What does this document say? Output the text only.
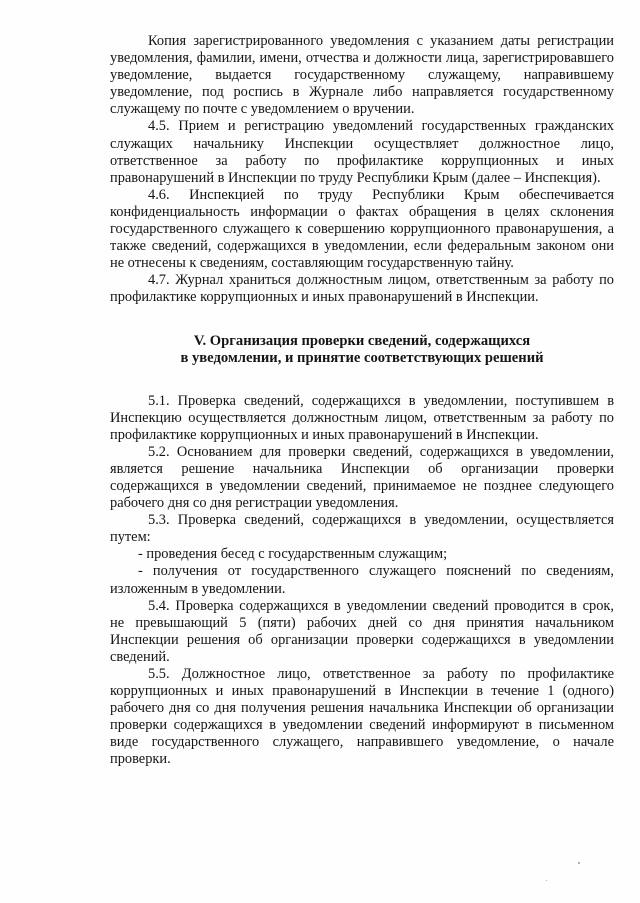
Копия зарегистрированного уведомления с указанием даты регистрации уведомления, фамилии, имени, отчества и должности лица, зарегистрировавшего уведомление, выдается государственному служащему, направившему уведомление, под роспись в Журнале либо направляется государственному служащему по почте с уведомлением о вручении.

4.5. Прием и регистрацию уведомлений государственных гражданских служащих начальнику Инспекции осуществляет должностное лицо, ответственное за работу по профилактике коррупционных и иных правонарушений в Инспекции по труду Республики Крым (далее – Инспекция).

4.6. Инспекцией по труду Республики Крым обеспечивается конфиденциальность информации о фактах обращения в целях склонения государственного служащего к совершению коррупционного правонарушения, а также сведений, содержащихся в уведомлении, если федеральным законом они не отнесены к сведениям, составляющим государственную тайну.

4.7. Журнал храниться должностным лицом, ответственным за работу по профилактике коррупционных и иных правонарушений в Инспекции.

V. Организация проверки сведений, содержащихся
в уведомлении, и принятие соответствующих решений

5.1. Проверка сведений, содержащихся в уведомлении, поступившем в Инспекцию осуществляется должностным лицом, ответственным за работу по профилактике коррупционных и иных правонарушений в Инспекции.

5.2. Основанием для проверки сведений, содержащихся в уведомлении, является решение начальника Инспекции об организации проверки содержащихся в уведомлении сведений, принимаемое не позднее следующего рабочего дня со дня регистрации уведомления.

5.3. Проверка сведений, содержащихся в уведомлении, осуществляется путем:

- проведения бесед с государственным служащим;

- получения от государственного служащего пояснений по сведениям, изложенным в уведомлении.

5.4. Проверка содержащихся в уведомлении сведений проводится в срок, не превышающий 5 (пяти) рабочих дней со дня принятия начальником Инспекции решения об организации проверки содержащихся в уведомлении сведений.

5.5. Должностное лицо, ответственное за работу по профилактике коррупционных и иных правонарушений в Инспекции в течение 1 (одного) рабочего дня со дня получения решения начальника Инспекции об организации проверки содержащихся в уведомлении сведений информируют в письменном виде государственного служащего, направившего уведомление, о начале проверки.
